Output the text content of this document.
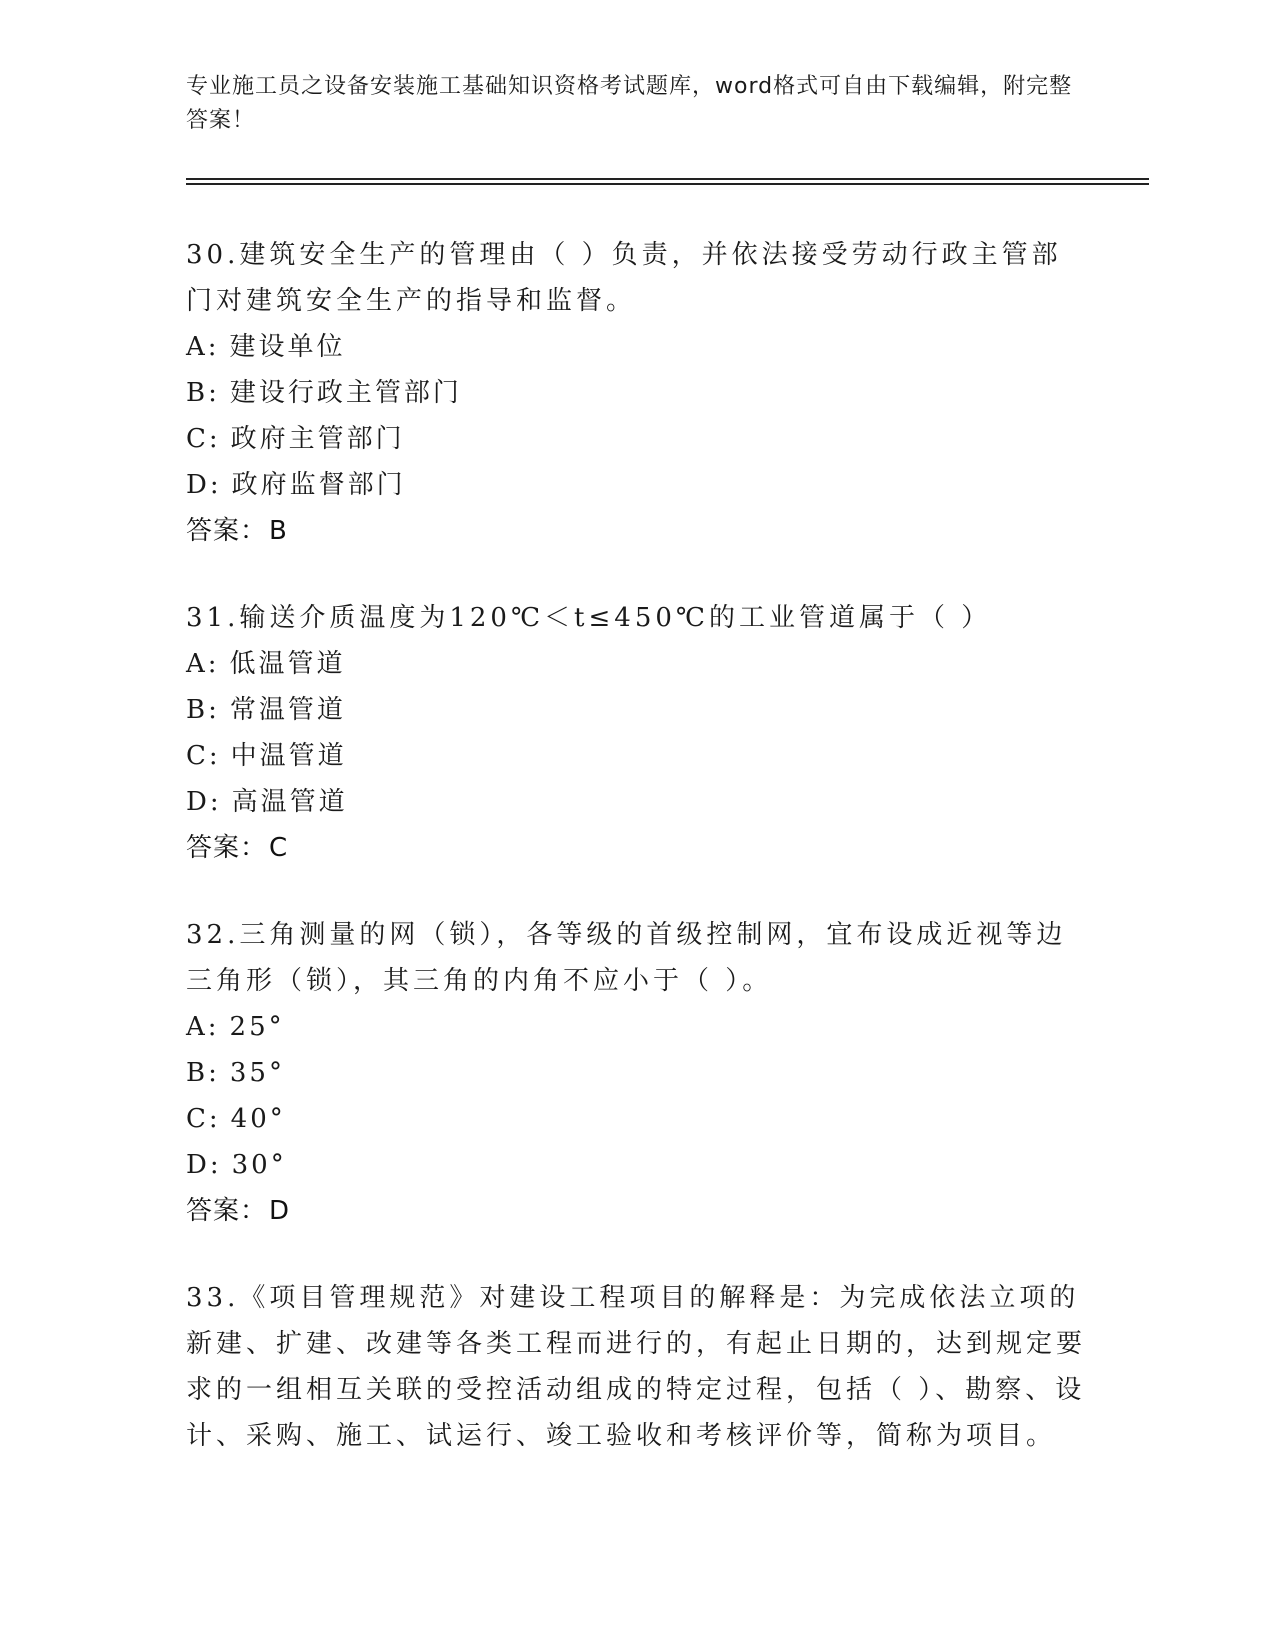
专业施工员之设备安装施工基础知识资格考试题库，word格式可自由下载编辑，附完整答案！
30.建筑安全生产的管理由（ ）负责，并依法接受劳动行政主管部门对建筑安全生产的指导和监督。
A: 建设单位
B: 建设行政主管部门
C: 政府主管部门
D: 政府监督部门
答案：B
31.输送介质温度为120℃＜t≤450℃的工业管道属于（ ）
A: 低温管道
B: 常温管道
C: 中温管道
D: 高温管道
答案：C
32.三角测量的网（锁），各等级的首级控制网，宜布设成近视等边三角形（锁），其三角的内角不应小于（ ）。
A: 25°
B: 35°
C: 40°
D: 30°
答案：D
33.《项目管理规范》对建设工程项目的解释是：为完成依法立项的新建、扩建、改建等各类工程而进行的，有起止日期的，达到规定要求的一组相互关联的受控活动组成的特定过程，包括（ ）、勘察、设计、采购、施工、试运行、竣工验收和考核评价等，简称为项目。
